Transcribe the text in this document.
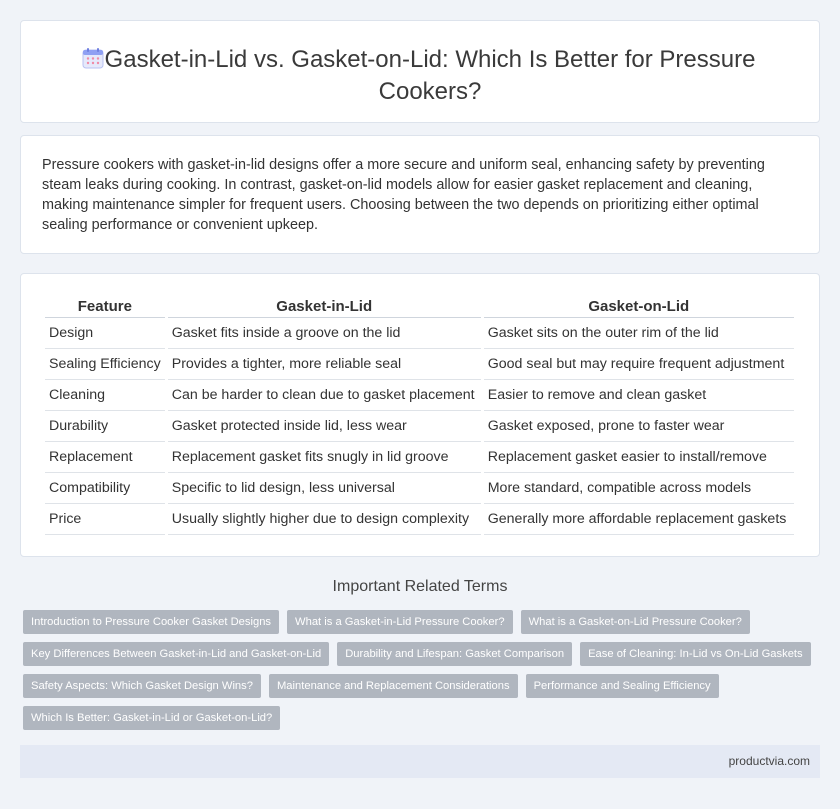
Gasket-in-Lid vs. Gasket-on-Lid: Which Is Better for Pressure Cookers?

Pressure cookers with gasket-in-lid designs offer a more secure and uniform seal, enhancing safety by preventing steam leaks during cooking. In contrast, gasket-on-lid models allow for easier gasket replacement and cleaning, making maintenance simpler for frequent users. Choosing between the two depends on prioritizing either optimal sealing performance or convenient upkeep.

Feature	Gasket-in-Lid	Gasket-on-Lid
Design	Gasket fits inside a groove on the lid	Gasket sits on the outer rim of the lid
Sealing Efficiency	Provides a tighter, more reliable seal	Good seal but may require frequent adjustment
Cleaning	Can be harder to clean due to gasket placement	Easier to remove and clean gasket
Durability	Gasket protected inside lid, less wear	Gasket exposed, prone to faster wear
Replacement	Replacement gasket fits snugly in lid groove	Replacement gasket easier to install/remove
Compatibility	Specific to lid design, less universal	More standard, compatible across models
Price	Usually slightly higher due to design complexity	Generally more affordable replacement gaskets
Important Related Terms
Introduction to Pressure Cooker Gasket Designs	What is a Gasket-in-Lid Pressure Cooker?	What is a Gasket-on-Lid Pressure Cooker?
Key Differences Between Gasket-in-Lid and Gasket-on-Lid	Durability and Lifespan: Gasket Comparison	Ease of Cleaning: In-Lid vs On-Lid Gaskets
Safety Aspects: Which Gasket Design Wins?	Maintenance and Replacement Considerations	Performance and Sealing Efficiency
Which Is Better: Gasket-in-Lid or Gasket-on-Lid?
productvia.com
